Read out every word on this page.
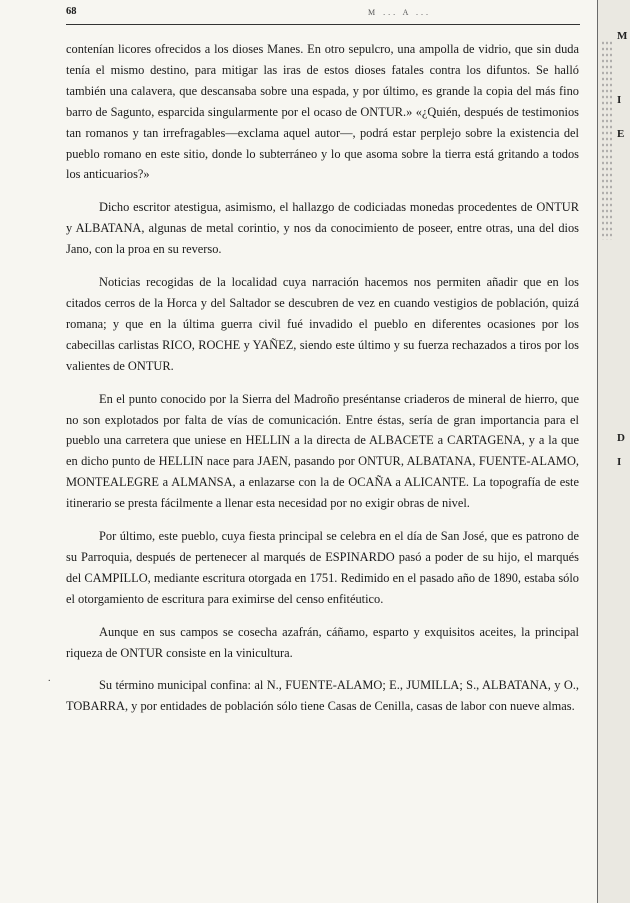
68	M ... A ...
M
I
E
D
I
.

contenían licores ofrecidos a los dioses Manes. En otro sepulcro, una ampolla de vidrio, que sin duda tenía el mismo destino, para mitigar las iras de estos dioses fatales contra los difuntos. Se halló también una calavera, que descansaba sobre una espada, y por último, es grande la copia del más fino barro de Sagunto, esparcida singularmente por el ocaso de ONTUR.» «¿Quién, después de testimonios tan romanos y tan irrefragables—exclama aquel autor—, podrá estar perplejo sobre la existencia del pueblo romano en este sitio, donde lo subterráneo y lo que asoma sobre la tierra está gritando a todos los anticuarios?»

Dicho escritor atestigua, asimismo, el hallazgo de codiciadas monedas procedentes de ONTUR y ALBATANA, algunas de metal corintio, y nos da conocimiento de poseer, entre otras, una del dios Jano, con la proa en su reverso.

Noticias recogidas de la localidad cuya narración hacemos nos permiten añadir que en los citados cerros de la Horca y del Saltador se descubren de vez en cuando vestigios de población, quizá romana; y que en la última guerra civil fué invadido el pueblo en diferentes ocasiones por los cabecillas carlistas RICO, ROCHE y YAÑEZ, siendo este último y su fuerza rechazados a tiros por los valientes de ONTUR.

En el punto conocido por la Sierra del Madroño preséntanse criaderos de mineral de hierro, que no son explotados por falta de vías de comunicación. Entre éstas, sería de gran importancia para el pueblo una carretera que uniese en HELLIN a la directa de ALBACETE a CARTAGENA, y a la que en dicho punto de HELLIN nace para JAEN, pasando por ONTUR, ALBATANA, FUENTE-ALAMO, MONTEALEGRE a ALMANSA, a enlazarse con la de OCAÑA a ALICANTE. La topografía de este itinerario se presta fácilmente a llenar esta necesidad por no exigir obras de nivel.

Por último, este pueblo, cuya fiesta principal se celebra en el día de San José, que es patrono de su Parroquia, después de pertenecer al marqués de ESPINARDO pasó a poder de su hijo, el marqués del CAMPILLO, mediante escritura otorgada en 1751. Redimido en el pasado año de 1890, estaba sólo el otorgamiento de escritura para eximirse del censo enfitéutico.

Aunque en sus campos se cosecha azafrán, cáñamo, esparto y exquisitos aceites, la principal riqueza de ONTUR consiste en la vinicultura.

Su término municipal confina: al N., FUENTE-ALAMO; E., JUMILLA; S., ALBATANA, y O., TOBARRA, y por entidades de población sólo tiene Casas de Cenilla, casas de labor con nueve almas.
